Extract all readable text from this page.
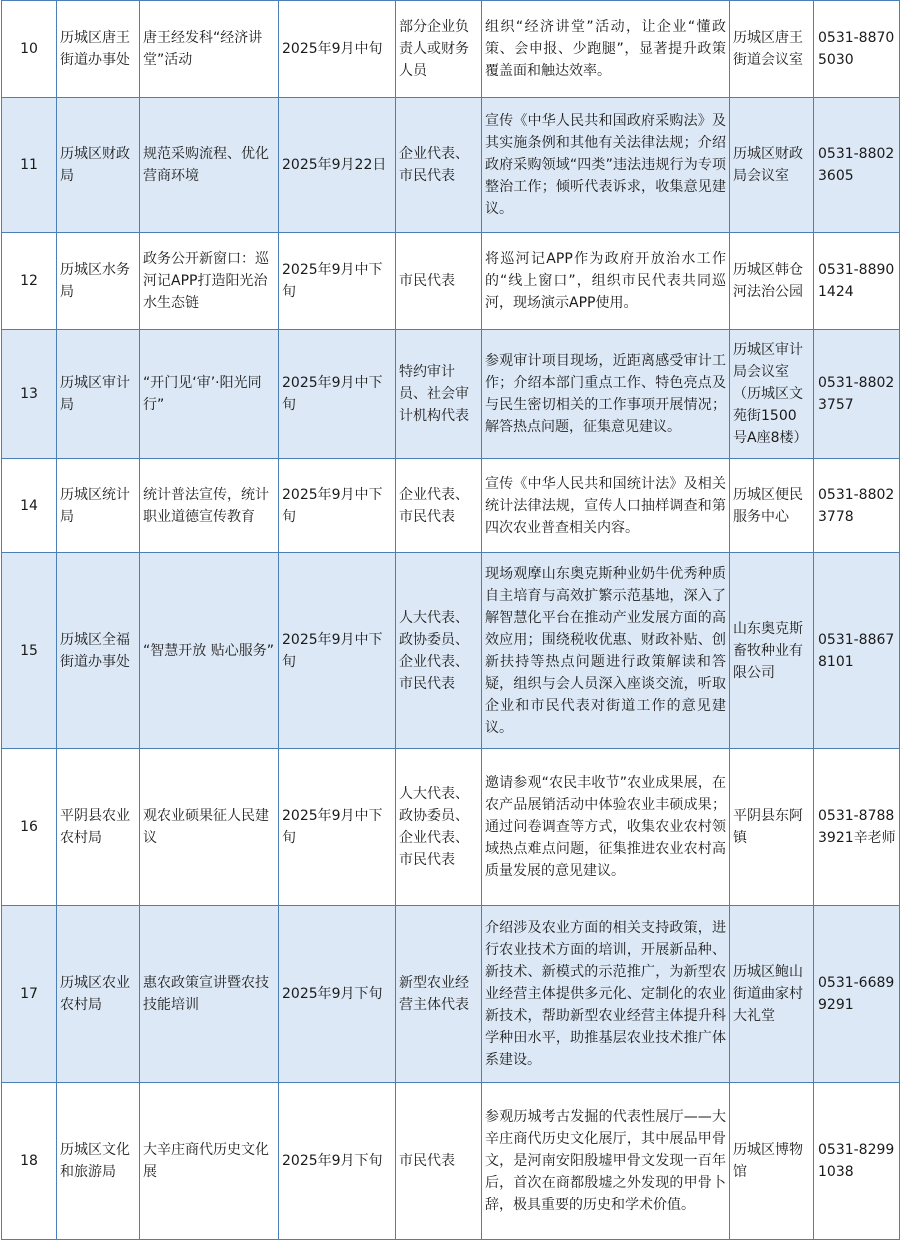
10	历城区唐王街道办事处	唐王经发科“经济讲堂”活动	2025年9月中旬	部分企业负责人或财务人员	组织“经济讲堂”活动，让企业“懂政策、会申报、少跑腿”，显著提升政策覆盖面和触达效率。	历城区唐王街道会议室	0531-88705030
11	历城区财政局	规范采购流程、优化营商环境	2025年9月22日	企业代表、市民代表	宣传《中华人民共和国政府采购法》及其实施条例和其他有关法律法规；介绍政府采购领域“四类”违法违规行为专项整治工作；倾听代表诉求，收集意见建议。	历城区财政局会议室	0531-88023605
12	历城区水务局	政务公开新窗口：巡河记APP打造阳光治水生态链	2025年9月中下旬	市民代表	将巡河记APP作为政府开放治水工作的“线上窗口”，组织市民代表共同巡河，现场演示APP使用。	历城区韩仓河法治公园	0531-88901424
13	历城区审计局	“开门见‘审’·阳光同行”	2025年9月中下旬	特约审计员、社会审计机构代表	参观审计项目现场，近距离感受审计工作；介绍本部门重点工作、特色亮点及与民生密切相关的工作事项开展情况；解答热点问题，征集意见建议。	历城区审计局会议室（历城区文苑街1500号A座8楼）	0531-88023757
14	历城区统计局	统计普法宣传，统计职业道德宣传教育	2025年9月中下旬	企业代表、市民代表	宣传《中华人民共和国统计法》及相关统计法律法规，宣传人口抽样调查和第四次农业普查相关内容。	历城区便民服务中心	0531-88023778
15	历城区全福街道办事处	“智慧开放 贴心服务”	2025年9月中下旬	人大代表、政协委员、企业代表、市民代表	现场观摩山东奥克斯种业奶牛优秀种质自主培育与高效扩繁示范基地，深入了解智慧化平台在推动产业发展方面的高效应用；围绕税收优惠、财政补贴、创新扶持等热点问题进行政策解读和答疑，组织与会人员深入座谈交流，听取企业和市民代表对街道工作的意见建议。	山东奥克斯畜牧种业有限公司	0531-88678101
16	平阴县农业农村局	观农业硕果征人民建议	2025年9月中下旬	人大代表、政协委员、企业代表、市民代表	邀请参观“农民丰收节”农业成果展，在农产品展销活动中体验农业丰硕成果；通过问卷调查等方式，收集农业农村领域热点难点问题，征集推进农业农村高质量发展的意见建议。	平阴县东阿镇	0531-87883921辛老师
17	历城区农业农村局	惠农政策宣讲暨农技技能培训	2025年9月下旬	新型农业经营主体代表	介绍涉及农业方面的相关支持政策，进行农业技术方面的培训，开展新品种、新技术、新模式的示范推广，为新型农业经营主体提供多元化、定制化的农业新技术，帮助新型农业经营主体提升科学种田水平，助推基层农业技术推广体系建设。	历城区鲍山街道曲家村大礼堂	0531-66899291
18	历城区文化和旅游局	大辛庄商代历史文化展	2025年9月下旬	市民代表	参观历城考古发掘的代表性展厅——大辛庄商代历史文化展厅，其中展品甲骨文，是河南安阳殷墟甲骨文发现一百年后，首次在商都殷墟之外发现的甲骨卜辞，极具重要的历史和学术价值。	历城区博物馆	0531-82991038
